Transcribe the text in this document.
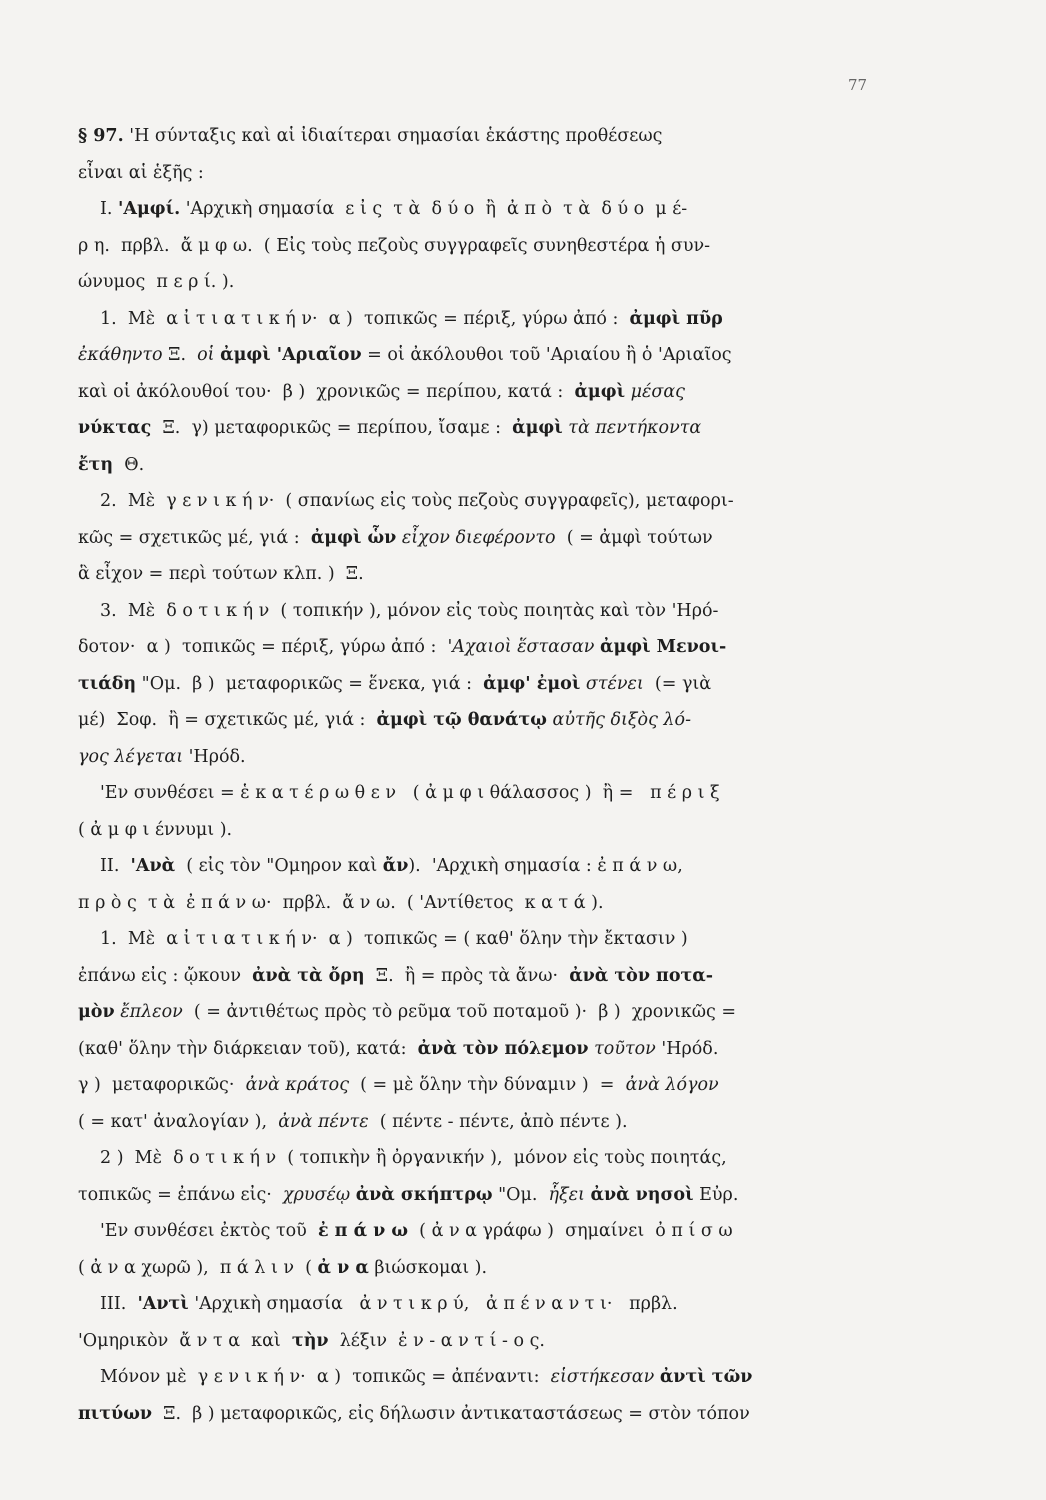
77
§ 97. 'Η σύνταξις καὶ αἱ ἰδιαίτεραι σημασίαι ἑκάστης προθέσεως
εἶναι αἱ ἑξῆς :
I. 'Αμφί. 'Αρχικὴ σημασία  ε ἰ ς  τ ὰ  δ ύ ο  ἢ  ἀ π ὸ  τ ὰ  δ ύ ο  μ έ-
ρ η.  πρβλ.  ἄ μ φ ω.  ( Εἰς τοὺς πεζοὺς συγγραφεῖς συνηθεστέρα ἡ συν-
ώνυμος  π ε ρ ί. ).
1.  Μὲ  α ἰ τ ι α τ ι κ ή ν·  α )  τοπικῶς = πέριξ, γύρω ἀπό :  ἀμφὶ πῦρ
ἐκάθηντο Ξ.  οἱ ἀμφὶ 'Αριαῖον = οἱ ἀκόλουθοι τοῦ 'Αριαίου ἢ ὁ 'Αριαῖος
καὶ οἱ ἀκόλουθοί του·  β )  χρονικῶς = περίπου, κατά :  ἀμφὶ μέσας
νύκτας  Ξ.  γ) μεταφορικῶς = περίπου, ἴσαμε :  ἀμφὶ τὰ πεντήκοντα
ἔτη  Θ.
2.  Μὲ  γ ε ν ι κ ή ν·  ( σπανίως εἰς τοὺς πεζοὺς συγγραφεῖς), μεταφορι-
κῶς = σχετικῶς μέ, γιά :  ἀμφὶ ὧν εἶχον διεφέροντο  ( = ἀμφὶ τούτων
ἃ εἶχον = περὶ τούτων κλπ. )  Ξ.
3.  Μὲ  δ ο τ ι κ ή ν  ( τοπικήν ), μόνον εἰς τοὺς ποιητὰς καὶ τὸν 'Ηρό-
δοτον·  α )  τοπικῶς = πέριξ, γύρω ἀπό :  'Αχαιοὶ ἕστασαν ἀμφὶ Μενοι-
τιάδη "Ομ.  β )  μεταφορικῶς = ἕνεκα, γιά :  ἀμφ' ἐμοὶ στένει  (= γιὰ
μέ)  Σοφ.  ἢ = σχετικῶς μέ, γιά :  ἀμφὶ τῷ θανάτῳ αὐτῆς διξὸς λό-
γος λέγεται 'Ηρόδ.
'Εν συνθέσει = ἑ κ α τ έ ρ ω θ ε ν   ( ἀ μ φ ι θάλασσος )  ἢ =   π έ ρ ι ξ
( ἀ μ φ ι έννυμι ).
II.  'Ανὰ  ( εἰς τὸν "Ομηρον καὶ ἄν).  'Αρχικὴ σημασία : ἐ π ά ν ω,
π ρ ὸ ς  τ ὰ  ἐ π ά ν ω·  πρβλ.  ἄ ν ω.  ( 'Αντίθετος  κ α τ ά ).
1.  Μὲ  α ἰ τ ι α τ ι κ ή ν·  α )  τοπικῶς = ( καθ' ὅλην τὴν ἔκτασιν )
ἐπάνω εἰς : ᾤκουν  ἀνὰ τὰ ὄρη  Ξ.  ἢ = πρὸς τὰ ἄνω·  ἀνὰ τὸν ποτα-
μὸν ἔπλεον  ( = ἀντιθέτως πρὸς τὸ ρεῦμα τοῦ ποταμοῦ )·  β )  χρονικῶς =
(καθ' ὅλην τὴν διάρκειαν τοῦ), κατά:  ἀνὰ τὸν πόλεμον τοῦτον 'Ηρόδ.
γ )  μεταφορικῶς·  ἀνὰ κράτος  ( = μὲ ὅλην τὴν δύναμιν )  =  ἀνὰ λόγον
( = κατ' ἀναλογίαν ),  ἀνὰ πέντε  ( πέντε - πέντε, ἀπὸ πέντε ).
2 )  Μὲ  δ ο τ ι κ ή ν  ( τοπικὴν ἢ ὀργανικήν ),  μόνον εἰς τοὺς ποιητάς,
τοπικῶς = ἐπάνω εἰς·  χρυσέῳ ἀνὰ σκήπτρῳ "Ομ.  ἧξει ἀνὰ νησοὶ Εὐρ.
'Εν συνθέσει ἐκτὸς τοῦ  ἐ π ά ν ω  ( ἀ ν α γράφω )  σημαίνει  ὀ π ί σ ω
( ἀ ν α χωρῶ ),  π ά λ ι ν  ( ἀ ν α βιώσκομαι ).
III.  'Αντὶ 'Αρχικὴ σημασία   ἀ ν τ ι κ ρ ύ,   ἀ π έ ν α ν τ ι·   πρβλ.
'Ομηρικὸν  ἄ ν τ α  καὶ  τὴν  λέξιν  ἐ ν - α ν τ ί - ο ς.
Μόνον μὲ  γ ε ν ι κ ή ν·  α )  τοπικῶς = ἀπέναντι:  εἱστήκεσαν ἀντὶ τῶν
πιτύων  Ξ.  β ) μεταφορικῶς, εἰς δήλωσιν ἀντικαταστάσεως = στὸν τόπον
